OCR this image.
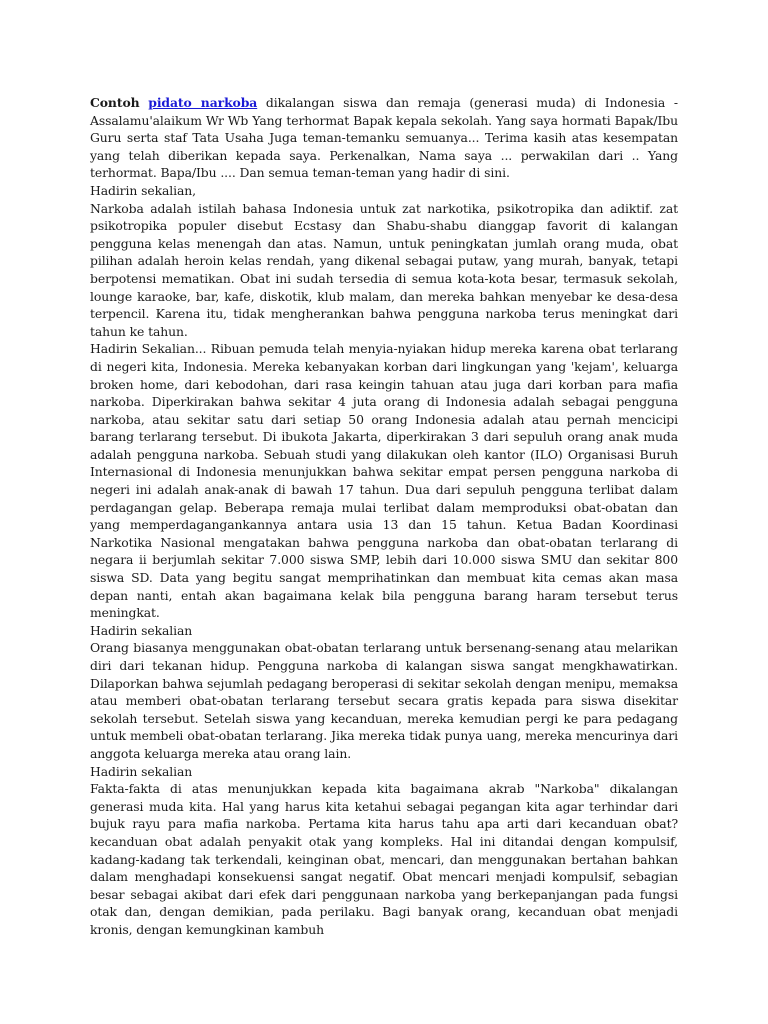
Contoh pidato narkoba dikalangan siswa dan remaja (generasi muda) di Indonesia - Assalamu'alaikum Wr Wb Yang terhormat Bapak kepala sekolah. Yang saya hormati Bapak/Ibu Guru serta staf Tata Usaha Juga teman-temanku semuanya... Terima kasih atas kesempatan yang telah diberikan kepada saya. Perkenalkan, Nama saya ... perwakilan dari .. Yang terhormat. Bapa/Ibu .... Dan semua teman-teman yang hadir di sini.

Hadirin sekalian,

Narkoba adalah istilah bahasa Indonesia untuk zat narkotika, psikotropika dan adiktif. zat psikotropika populer disebut Ecstasy dan Shabu-shabu dianggap favorit di kalangan pengguna kelas menengah dan atas. Namun, untuk peningkatan jumlah orang muda, obat pilihan adalah heroin kelas rendah, yang dikenal sebagai putaw, yang murah, banyak, tetapi berpotensi mematikan. Obat ini sudah tersedia di semua kota-kota besar, termasuk sekolah, lounge karaoke, bar, kafe, diskotik, klub malam, dan mereka bahkan menyebar ke desa-desa terpencil. Karena itu, tidak mengherankan bahwa pengguna narkoba terus meningkat dari tahun ke tahun.

Hadirin Sekalian... Ribuan pemuda telah menyia-nyiakan hidup mereka karena obat terlarang di negeri kita, Indonesia. Mereka kebanyakan korban dari lingkungan yang 'kejam', keluarga broken home, dari kebodohan, dari rasa keingin tahuan atau juga dari korban para mafia narkoba. Diperkirakan bahwa sekitar 4 juta orang di Indonesia adalah sebagai pengguna narkoba, atau sekitar satu dari setiap 50 orang Indonesia adalah atau pernah mencicipi barang terlarang tersebut. Di ibukota Jakarta, diperkirakan 3 dari sepuluh orang anak muda adalah pengguna narkoba. Sebuah studi yang dilakukan oleh kantor (ILO) Organisasi Buruh Internasional di Indonesia menunjukkan bahwa sekitar empat persen pengguna narkoba di negeri ini adalah anak-anak di bawah 17 tahun. Dua dari sepuluh pengguna terlibat dalam perdagangan gelap. Beberapa remaja mulai terlibat dalam memproduksi obat-obatan dan yang memperdagangankannya antara usia 13 dan 15 tahun. Ketua Badan Koordinasi Narkotika Nasional mengatakan bahwa pengguna narkoba dan obat-obatan terlarang di negara ii berjumlah sekitar 7.000 siswa SMP, lebih dari 10.000 siswa SMU dan sekitar 800 siswa SD. Data yang begitu sangat memprihatinkan dan membuat kita cemas akan masa depan nanti, entah akan bagaimana kelak bila pengguna barang haram tersebut terus meningkat.

Hadirin sekalian

Orang biasanya menggunakan obat-obatan terlarang untuk bersenang-senang atau melarikan diri dari tekanan hidup. Pengguna narkoba di kalangan siswa sangat mengkhawatirkan. Dilaporkan bahwa sejumlah pedagang beroperasi di sekitar sekolah dengan menipu, memaksa atau memberi obat-obatan terlarang tersebut secara gratis kepada para siswa disekitar sekolah tersebut. Setelah siswa yang kecanduan, mereka kemudian pergi ke para pedagang untuk membeli obat-obatan terlarang. Jika mereka tidak punya uang, mereka mencurinya dari anggota keluarga mereka atau orang lain.

Hadirin sekalian

Fakta-fakta di atas menunjukkan kepada kita bagaimana akrab "Narkoba" dikalangan generasi muda kita. Hal yang harus kita ketahui sebagai pegangan kita agar terhindar dari bujuk rayu para mafia narkoba. Pertama kita harus tahu apa arti dari kecanduan obat? kecanduan obat adalah penyakit otak yang kompleks. Hal ini ditandai dengan kompulsif, kadang-kadang tak terkendali, keinginan obat, mencari, dan menggunakan bertahan bahkan dalam menghadapi konsekuensi sangat negatif. Obat mencari menjadi kompulsif, sebagian besar sebagai akibat dari efek dari penggunaan narkoba yang berkepanjangan pada fungsi otak dan, dengan demikian, pada perilaku. Bagi banyak orang, kecanduan obat menjadi kronis, dengan kemungkinan kambuh
